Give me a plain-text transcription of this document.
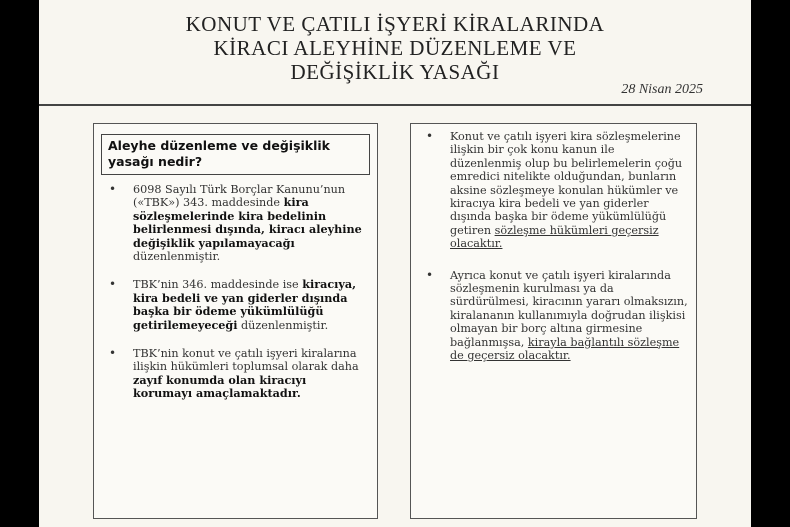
KONUT VE ÇATILI İŞYERİ KİRALARINDA
KİRACI ALEYHİNE DÜZENLEME VE
DEĞİŞİKLİK YASAĞI
28 Nisan 2025
Aleyhe düzenleme ve değişiklik yasağı nedir?
• 6098 Sayılı Türk Borçlar Kanunu’nun («TBK») 343. maddesinde kira sözleşmelerinde kira bedelinin belirlenmesi dışında, kiracı aleyhine değişiklik yapılamayacağı düzenlenmiştir.
• TBK’nin 346. maddesinde ise kiracıya, kira bedeli ve yan giderler dışında başka bir ödeme yükümlülüğü getirilemeyeceği düzenlenmiştir.
• TBK’nin konut ve çatılı işyeri kiralarına ilişkin hükümleri toplumsal olarak daha zayıf konumda olan kiracıyı korumayı amaçlamaktadır.
• Konut ve çatılı işyeri kira sözleşmelerine ilişkin bir çok konu kanun ile düzenlenmiş olup bu belirlemelerin çoğu emredici nitelikte olduğundan, bunların aksine sözleşmeye konulan hükümler ve kiracıya kira bedeli ve yan giderler dışında başka bir ödeme yükümlülüğü getiren sözleşme hükümleri geçersiz olacaktır.
• Ayrıca konut ve çatılı işyeri kiralarında sözleşmenin kurulması ya da sürdürülmesi, kiracının yararı olmaksızın, kiralananın kullanımıyla doğrudan ilişkisi olmayan bir borç altına girmesine bağlanmışsa, kirayla bağlantılı sözleşme de geçersiz olacaktır.
